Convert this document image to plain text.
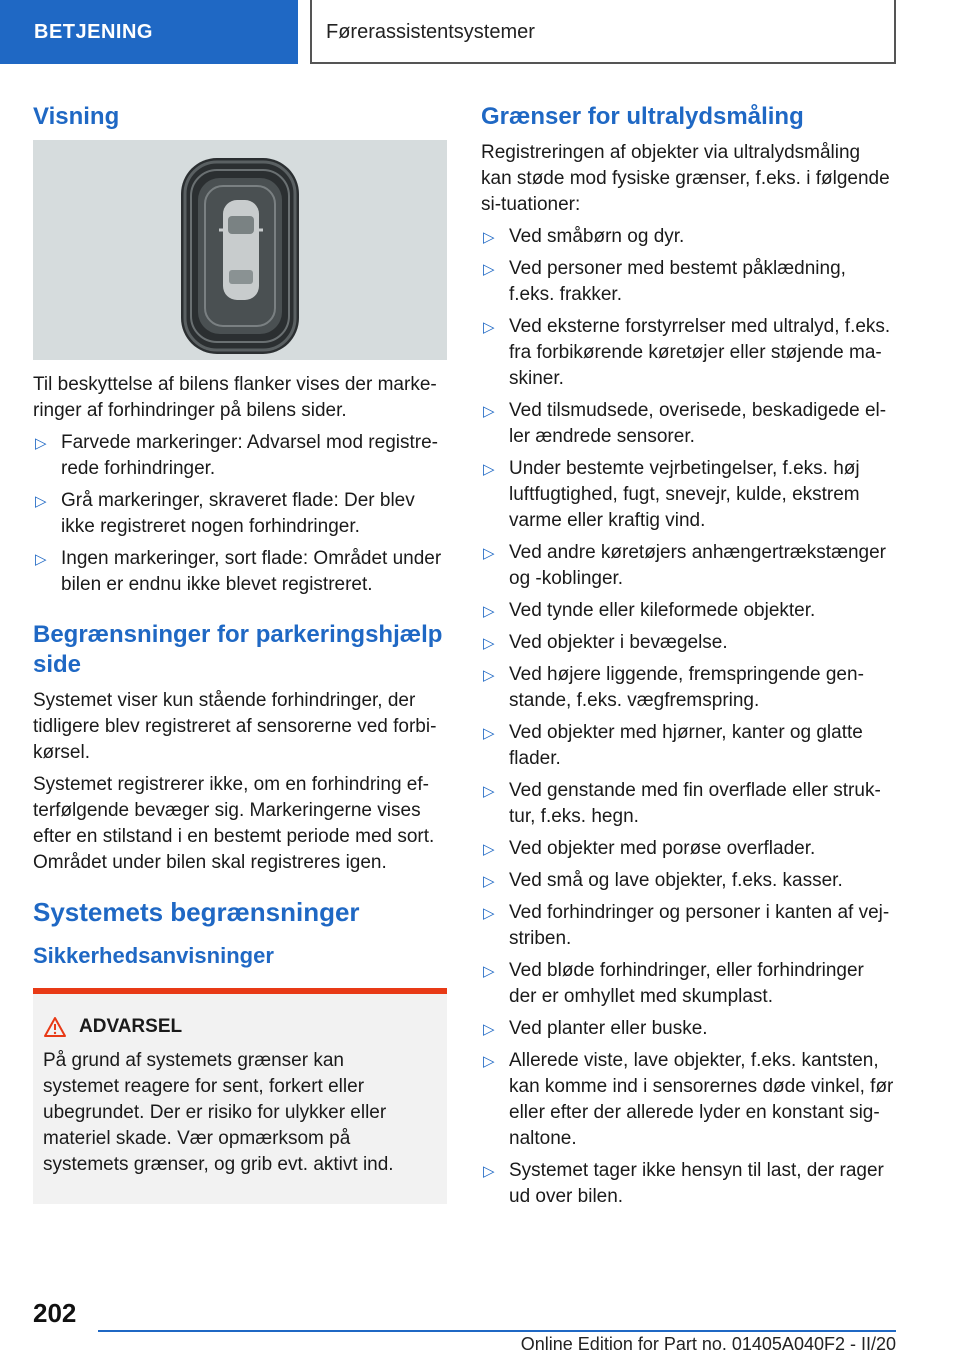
BETJENING	Førerassistentsystemer
Visning

Til beskyttelse af bilens flanker vises der marke-ringer af forhindringer på bilens sider.

▷ Farvede markeringer: Advarsel mod registre-rede forhindringer.
▷ Grå markeringer, skraveret flade: Der blev ikke registreret nogen forhindringer.
▷ Ingen markeringer, sort flade: Området under bilen er endnu ikke blevet registreret.
Begrænsninger for parkeringshjælp side

Systemet viser kun stående forhindringer, der tidligere blev registreret af sensorerne ved forbi-kørsel.

Systemet registrerer ikke, om en forhindring ef-terfølgende bevæger sig. Markeringerne vises efter en stilstand i en bestemt periode med sort. Området under bilen skal registreres igen.

Systemets begrænsninger
Sikkerhedsanvisninger
ADVARSEL

På grund af systemets grænser kan systemet reagere for sent, forkert eller ubegrundet. Der er risiko for ulykker eller materiel skade. Vær opmærksom på systemets grænser, og grib evt. aktivt ind.

Grænser for ultralydsmåling

Registreringen af objekter via ultralydsmåling kan støde mod fysiske grænser, f.eks. i følgende si-tuationer:

▷ Ved småbørn og dyr.
▷ Ved personer med bestemt påklædning, f.eks. frakker.
▷ Ved eksterne forstyrrelser med ultralyd, f.eks. fra forbikørende køretøjer eller støjende ma-skiner.
▷ Ved tilsmudsede, overisede, beskadigede el-ler ændrede sensorer.
▷ Under bestemte vejrbetingelser, f.eks. høj luftfugtighed, fugt, snevejr, kulde, ekstrem varme eller kraftig vind.
▷ Ved andre køretøjers anhængertrækstænger og -koblinger.
▷ Ved tynde eller kileformede objekter.
▷ Ved objekter i bevægelse.
▷ Ved højere liggende, fremspringende gen-stande, f.eks. vægfremspring.
▷ Ved objekter med hjørner, kanter og glatte flader.
▷ Ved genstande med fin overflade eller struk-tur, f.eks. hegn.
▷ Ved objekter med porøse overflader.
▷ Ved små og lave objekter, f.eks. kasser.
▷ Ved forhindringer og personer i kanten af vej-striben.
▷ Ved bløde forhindringer, eller forhindringer der er omhyllet med skumplast.
▷ Ved planter eller buske.
▷ Allerede viste, lave objekter, f.eks. kantsten, kan komme ind i sensorernes døde vinkel, før eller efter der allerede lyder en konstant sig-naltone.
▷ Systemet tager ikke hensyn til last, der rager ud over bilen.
202
Online Edition for Part no. 01405A040F2 - II/20
